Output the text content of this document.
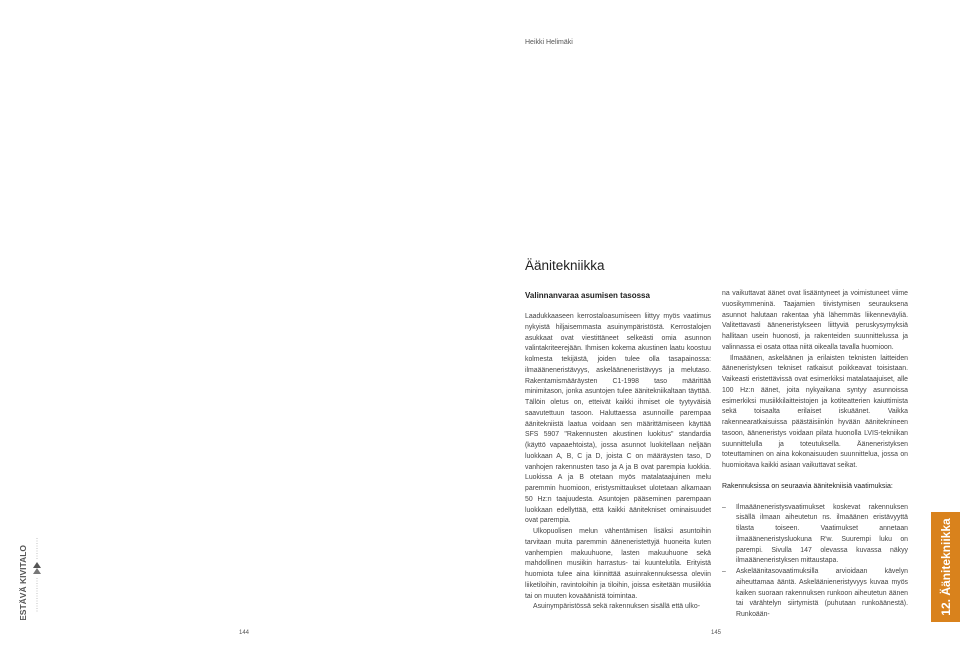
Heikki Helimäki
Äänitekniikka
Valinnanvaraa asumisen tasossa

Laadukkaaseen kerrostaloasumiseen liittyy myös vaatimus nykyistä hiljaisemmasta asuinympäristöstä. Kerrostalojen asukkaat ovat viestittäneet selkeästi omia asunnon valintakriteerejään. Ihmisen kokema akustinen laatu koostuu kolmesta tekijästä, joiden tulee olla tasapainossa: ilmaääneneristävyys, askelääneneristävyys ja melutaso. Rakentamismääräysten C1-1998 taso määrittää minimitason, jonka asuntojen tulee äänitekniikaltaan täyttää. Tällöin oletus on, etteivät kaikki ihmiset ole tyytyväisiä saavutettuun tasoon. Haluttaessa asunnoille parempaa äänitekniistä laatua voidaan sen määrittämiseen käyttää SFS 5907 "Rakennusten akustinen luokitus" standardia (käyttö vapaaehtoista), jossa asunnot luokitellaan neljään luokkaan A, B, C ja D, joista C on määräysten taso, D vanhojen rakennusten taso ja A ja B ovat parempia luokkia. Luokissa A ja B otetaan myös matalataajuinen melu paremmin huomioon, eristysmittaukset ulotetaan alkamaan 50 Hz:n taajuudesta. Asuntojen pääseminen parempaan luokkaan edellyttää, että kaikki äänitekniset ominaisuudet ovat parempia.

Ulkopuolisen melun vähentämisen lisäksi asuntoihin tarvitaan muita paremmin ääneneristettyjä huoneita kuten vanhempien makuuhuone, lasten makuuhuone sekä mahdollinen musiikin harrastus- tai kuuntelutila. Erityistä huomiota tulee aina kiinnittää asuinrakennuksessa oleviin liiketiloihin, ravintoloihin ja tiloihin, joissa esitetään musiikkia tai on muuten kovaäänistä toimintaa.

Asuinympäristössä sekä rakennuksen sisällä että ulko-

na vaikuttavat äänet ovat lisääntyneet ja voimistuneet viime vuosikymmeninä. Taajamien tiivistymisen seurauksena asunnot halutaan rakentaa yhä lähemmäs liikenneväyliä. Valitettavasti ääneneristykseen liittyviä peruskysymyksiä hallitaan usein huonosti, ja rakenteiden suunnittelussa ja valinnassa ei osata ottaa niitä oikealla tavalla huomioon.

Ilmaäänen, askeläänen ja erilaisten teknisten laitteiden ääneneristyksen tekniset ratkaisut poikkeavat toisistaan. Vaikeasti eristettävissä ovat esimerkiksi matalataajuiset, alle 100 Hz:n äänet, joita nykyaikana syntyy asunnoissa esimerkiksi musiikkilaitteistojen ja kotiteatterien kaiuttimista sekä toisaalta erilaiset iskuäänet. Vaikka rakennearatkaisuissa päästäisiinkin hyvään ääniteknineen tasoon, ääneneristys voidaan pilata huonolla LVIS-tekniikan suunnittelulla ja toteutuksella. Ääneneristyksen toteuttaminen on aina kokonaisuuden suunnittelua, jossa on huomioitava kaikki asiaan vaikuttavat seikat.

Rakennuksissa on seuraavia äänitekniisiä vaatimuksia:

–	Ilmaääneneristysvaatimukset koskevat rakennuksen sisällä ilmaan aiheutetun ns. ilmaäänen eristävyyttä tilasta toiseen. Vaatimukset annetaan ilmaääneneristysluokuna R'w. Suurempi luku on parempi. Sivulla 147 olevassa kuvassa näkyy ilmaääneneristyksen mittaustapa.

–	Askeläänitasovaatimuksilla arvioidaan kävelyn aiheuttamaa ääntä. Askeläänieneristyvyys kuvaa myös kaiken suoraan rakennuksen runkoon aiheutetun äänen tai värähtelyn siirtymistä (puhutaan runkoäänestä). Runkoään-

144	145
KESTÄVÄ KIVITALO	12. Äänitekniikka
